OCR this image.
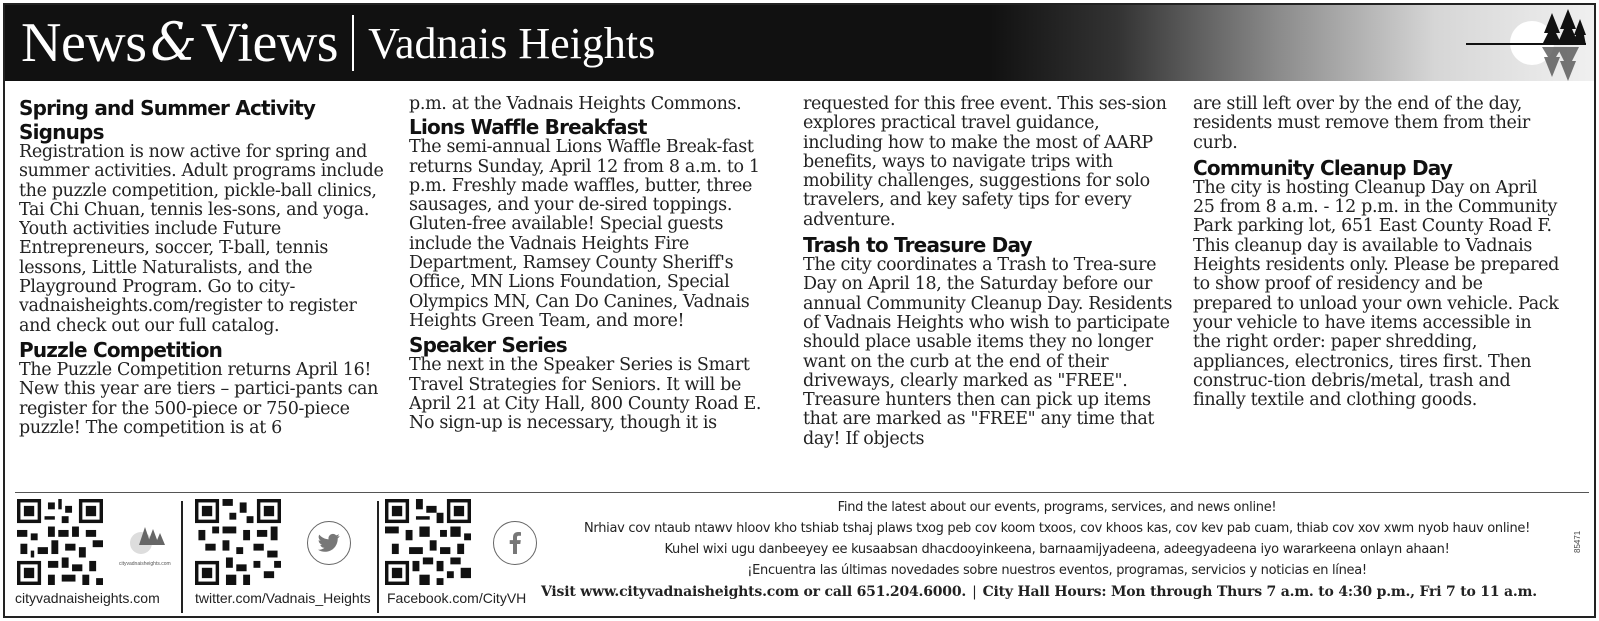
News & Views Vadnais Heights
Spring and Summer Activity
Signups
Registration is now active for spring and summer activities. Adult programs include the puzzle competition, pickle-ball clinics, Tai Chi Chuan, tennis les-sons, and yoga. Youth activities include Future Entrepreneurs, soccer, T-ball, tennis lessons, Little Naturalists, and the Playground Program. Go to city-vadnaisheights.com/register to register and check out our full catalog.
Puzzle Competition
The Puzzle Competition returns April 16! New this year are tiers – partici-pants can register for the 500-piece or 750-piece puzzle! The competition is at 6
p.m. at the Vadnais Heights Commons.
Lions Waffle Breakfast
The semi-annual Lions Waffle Break-fast returns Sunday, April 12 from 8 a.m. to 1 p.m. Freshly made waffles, butter, three sausages, and your de-sired toppings. Gluten-free available! Special guests include the Vadnais Heights Fire Department, Ramsey County Sheriff's Office, MN Lions Foundation, Special Olympics MN, Can Do Canines, Vadnais Heights Green Team, and more!
Speaker Series
The next in the Speaker Series is Smart Travel Strategies for Seniors. It will be April 21 at City Hall, 800 County Road E. No sign-up is necessary, though it is
requested for this free event. This ses-sion explores practical travel guidance, including how to make the most of AARP benefits, ways to navigate trips with mobility challenges, suggestions for solo travelers, and key safety tips for every adventure.
Trash to Treasure Day
The city coordinates a Trash to Trea-sure Day on April 18, the Saturday before our annual Community Cleanup Day. Residents of Vadnais Heights who wish to participate should place usable items they no longer want on the curb at the end of their driveways, clearly marked as "FREE". Treasure hunters then can pick up items that are marked as "FREE" any time that day! If objects
are still left over by the end of the day, residents must remove them from their curb.
Community Cleanup Day
The city is hosting Cleanup Day on April 25 from 8 a.m. - 12 p.m. in the Community Park parking lot, 651 East County Road F. This cleanup day is available to Vadnais Heights residents only. Please be prepared to show proof of residency and be prepared to unload your own vehicle. Pack your vehicle to have items accessible in the right order: paper shredding, appliances, electronics, tires first. Then construc-tion debris/metal, trash and finally textile and clothing goods.
cityvadnaisheights.com
cityvadnaisheights.com	twitter.com/Vadnais_Heights Facebook.com/CityVH
Find the latest about our events, programs, services, and news online!
Nrhiav cov ntaub ntawv hloov kho tshiab tshaj plaws txog peb cov koom txoos, cov khoos kas, cov kev pab cuam, thiab cov xov xwm nyob hauv online!
Kuhel wixi ugu danbeeyey ee kusaabsan dhacdooyinkeena, barnaamijyadeena, adeegyadeena iyo wararkeena onlayn ahaan!
¡Encuentra las últimas novedades sobre nuestros eventos, programas, servicios y noticias en línea!
Visit www.cityvadnaisheights.com or call 651.204.6000. | City Hall Hours: Mon through Thurs 7 a.m. to 4:30 p.m., Fri 7 to 11 a.m.
85471
